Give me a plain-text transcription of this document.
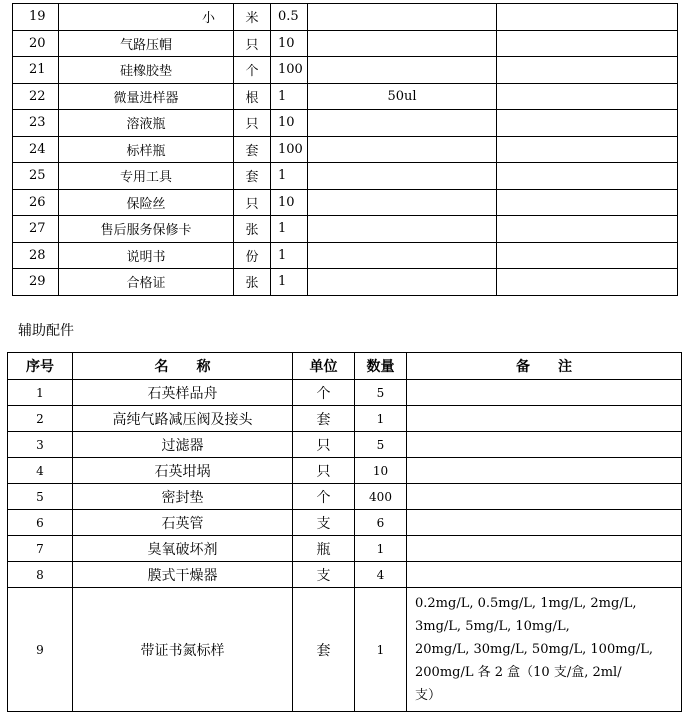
19	小	米	0.5		
20	气路压帽	只	10		
21	硅橡胶垫	个	100		
22	微量进样器	根	1	50ul	
23	溶液瓶	只	10		
24	标样瓶	套	100		
25	专用工具	套	1		
26	保险丝	只	10		
27	售后服务保修卡	张	1		
28	说明书	份	1		
29	合格证	张	1		
辅助配件
序号	名　　称	单位	数量	备　　注
1	石英样品舟	个	5	
2	高纯气路减压阀及接头	套	1	
3	过滤器	只	5	
4	石英坩埚	只	10	
5	密封垫	个	400	
6	石英管	支	6	
7	臭氧破坏剂	瓶	1	
8	膜式干燥器	支	4	
9	带证书氮标样	套	1	0.2mg/L, 0.5mg/L, 1mg/L, 2mg/L,
3mg/L, 5mg/L, 10mg/L,
20mg/L, 30mg/L, 50mg/L, 100mg/L,
200mg/L 各 2 盒（10 支/盒, 2ml/
支）
